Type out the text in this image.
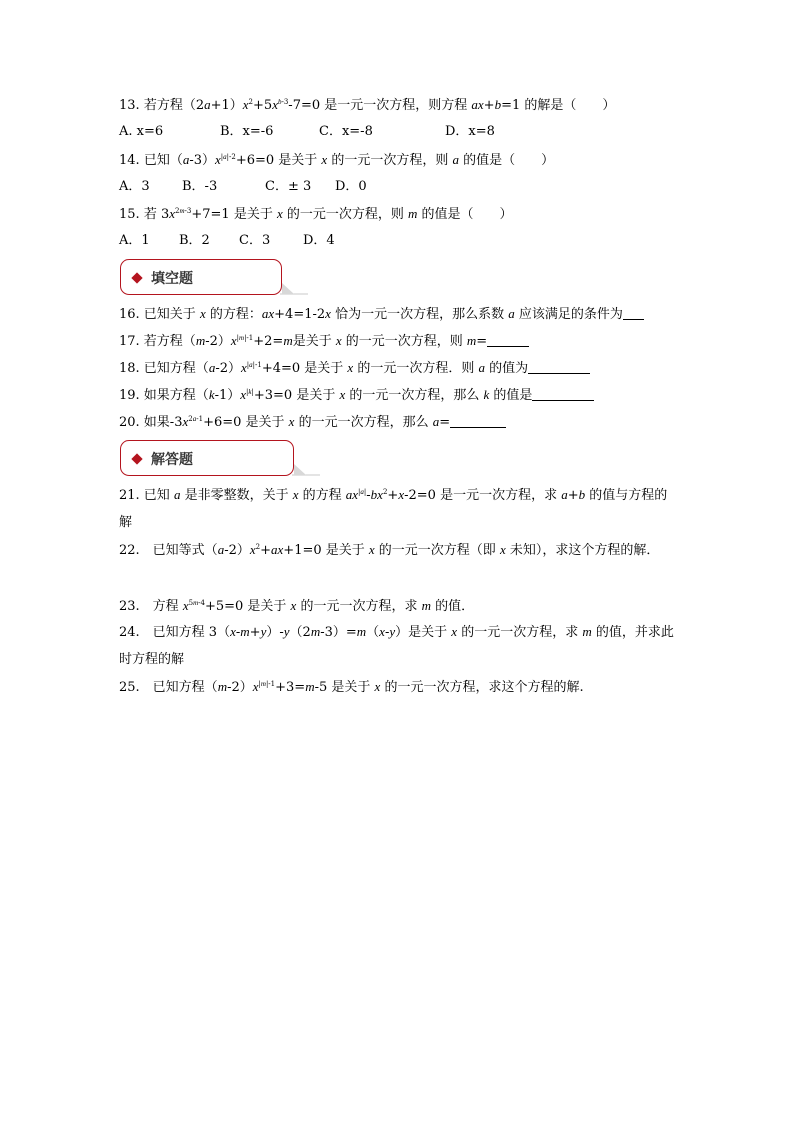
13. 若方程$(2a+1)x^2+5x^{b-3}-7=0$ 是一元一次方程，则方程 ax+b=1 的解是（　　）
A. x=6	B．x=-6	C．x=-8	D．x=8
14. 已知$(a-3)x^{|a|-2}+6=0$ 是关于 x 的一元一次方程，则 a 的值是（　　）
A．3 B．-3	C．± 3 D．0
15. 若 $3x^{2m-3}+7=1$ 是关于 x 的一元一次方程，则 m 的值是（　　）
A．1 B．2 C．3	D．4
填空题
16. 已知关于 x 的方程：ax+4=1-2x 恰为一元一次方程，那么系数 a 应该满足的条件为
17. 若方程$(m-2)x^{|m|-1}+2=m$是关于 x 的一元一次方程，则 m=
18. 已知方程$(a-2)x^{|a|-1}+4=0$ 是关于 x 的一元一次方程．则 a 的值为
19. 如果方程$(k-1)x^{|k|}+3=0$ 是关于 x 的一元一次方程，那么 k 的值是
20. 如果$-3x^{2a-1}+6=0$ 是关于 x 的一元一次方程，那么 a=
解答题
21. 已知 a 是非零整数，关于 x 的方程 $ax^{|a|}-bx^2+x-2=0$ 是一元一次方程，求 a+b 的值与方程的解
22.　已知等式$(a-2)x^2+ax+1=0$ 是关于 x 的一元一次方程（即 x 未知），求这个方程的解．
23.　方程 $x^{5m-4}+5=0$ 是关于 x 的一元一次方程，求 m 的值．
24.　已知方程 3（x-m+y）-y（2m-3）=m（x-y）是关于 x 的一元一次方程，求 m 的值，并求此时方程的解
25.　已知方程$(m-2)x^{|m|-1}+3=m-5$ 是关于 x 的一元一次方程，求这个方程的解.
